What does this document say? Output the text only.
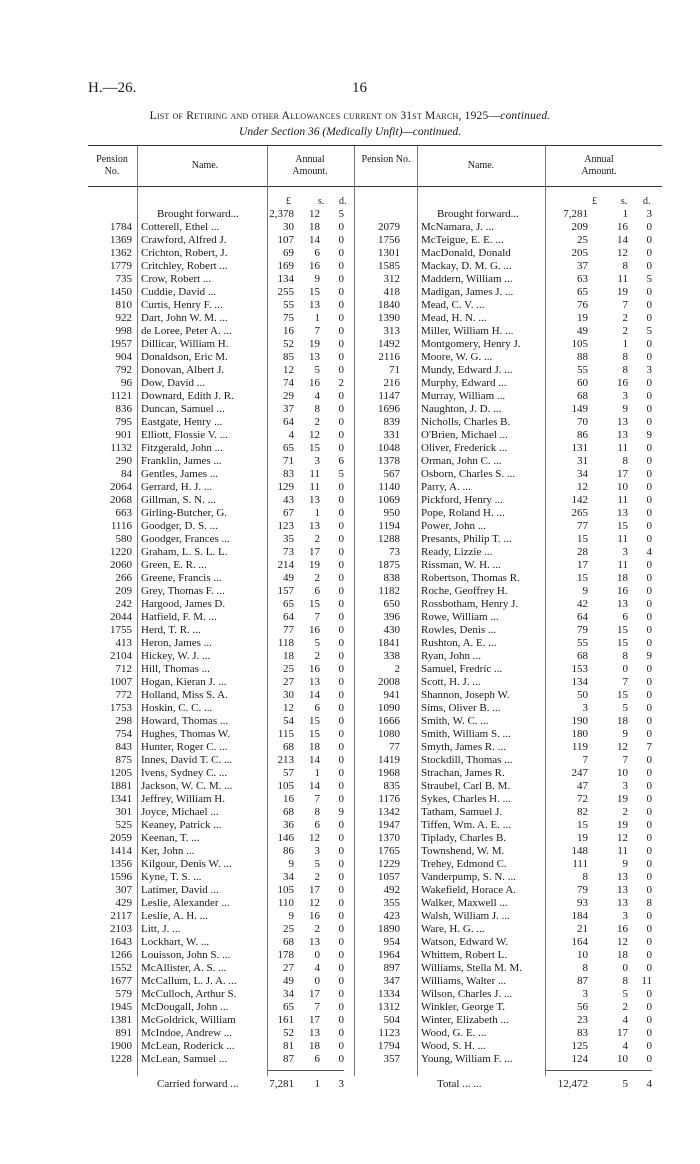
H.—26.	16
List of Retiring and other Allowances current on 31st March, 1925—continued.
Under Section 36 (Medically Unfit)—continued.
Pension No.
Name.
Annual Amount.
Pension No.
Name.
Annual Amount.
£	s. d.	£ s. d.
Brought forward...	2,378	12	5
1784 Cotterell, Ethel ...	30	18	0
1369 Crawford, Alfred J.	107	14	0
1362 Crichton, Robert, J.	69	6	0
1779 Critchley, Robert ...	169	16	0
735 Crow, Robert ...	134	9	0
1450 Cuddie, David ...	255	15	0
810 Curtis, Henry F. ...	55	13	0
922 Dart, John W. M. ...	75	1	0
998 de Loree, Peter A. ...	16	7	0
1957 Dillicar, William H.	52	19	0
904 Donaldson, Eric M.	85	13	0
792 Donovan, Albert J.	12	5	0
96 Dow, David ...	74	16	2
1121 Downard, Edith J. R.	29	4	0
836 Duncan, Samuel ...	37	8	0
795 Eastgate, Henry ...	64	2	0
901 Elliott, Flossie V. ...	4	12	0
1132 Fitzgerald, John ...	65	15	0
290 Franklin, James ...	71	3	6
84 Gentles, James ...	83	11	5
2064 Gerrard, H. J. ...	129	11	0
2068 Gillman, S. N. ...	43	13	0
663 Girling-Butcher, G.	67	1	0
1116 Goodger, D. S. ...	123	13	0
580 Goodger, Frances ...	35	2	0
1220 Graham, L. S. L. L.	73	17	0
2060 Green, E. R. ...	214	19	0
266 Greene, Francis ...	49	2	0
209 Grey, Thomas F. ...	157	6	0
242 Hargood, James D.	65	15	0
2044 Hatfield, F. M. ...	64	7	0
1755 Herd, T. R. ...	77	16	0
413 Heron, James ...	118	5	0
2104 Hickey, W. J. ...	18	2	0
712 Hill, Thomas ...	25	16	0
1007 Hogan, Kieran J. ...	27	13	0
772 Holland, Miss S. A.	30	14	0
1753 Hoskin, C. C. ...	12	6	0
298 Howard, Thomas ...	54	15	0
754 Hughes, Thomas W.	115	15	0
843 Hunter, Roger C. ...	68	18	0
875 Innes, David T. C. ...	213	14	0
1205 Ivens, Sydney C. ...	57	1	0
1881 Jackson, W. C. M. ...	105	14	0
1341 Jeffrey, William H.	16	7	0
301 Joyce, Michael ...	68	8	9
525 Keaney, Patrick ...	36	6	0
2059 Keenan, T. ...	146	12	0
1414 Ker, John ...	86	3	0
1356 Kilgour, Denis W. ...	9	5	0
1596 Kyne, T. S. ...	34	2	0
307 Latimer, David ...	105	17	0
429 Leslie, Alexander ...	110	12	0
2117 Leslie, A. H. ...	9	16	0
2103 Litt, J. ...	25	2	0
1643 Lockhart, W. ...	68	13	0
1266 Louisson, John S. ...	178	0	0
1552 McAllister, A. S. ...	27	4	0
1677 McCallum, L. J. A. ...	49	0	0
579 McCulloch, Arthur S.	34	17	0
1945 McDougall, John ...	65	7	0
1381 McGoldrick, William	161	17	0
891 McIndoe, Andrew ...	52	13	0
1900 McLean, Roderick ...	81	18	0
1228 McLean, Samuel ...	87	6	0
Carried forward ...	7,281	1	3
Brought forward...	7,281	1	3
2079 McNamara, J. ...	209	16	0
1756 McTeigue, E. E. ...	25	14	0
1301 MacDonald, Donald	205	12	0
1585 Mackay, D. M. G. ...	37	8	0
312 Maddern, William ...	63	11	5
418 Madigan, James J. ...	65	19	0
1840 Mead, C. V. ...	76	7	0
1390 Mead, H. N. ...	19	2	0
313 Miller, William H. ...	49	2	5
1492 Montgomery, Henry J.	105	1	0
2116 Moore, W. G. ...	88	8	0
71 Mundy, Edward J. ...	55	8	3
216 Murphy, Edward ...	60	16	0
1147 Murray, William ...	68	3	0
1696 Naughton, J. D. ...	149	9	0
839 Nicholls, Charles B.	70	13	0
331 O'Brien, Michael ...	86	13	9
1048 Oliver, Frederick ...	131	11	0
1378 Orman, John C. ...	31	8	0
567 Osborn, Charles S. ...	34	17	0
1140 Parry, A. ...	12	10	0
1069 Pickford, Henry ...	142	11	0
950 Pope, Roland H. ...	265	13	0
1194 Power, John ...	77	15	0
1288 Presants, Philip T. ...	15	11	0
73 Ready, Lizzie ...	28	3	4
1875 Rissman, W. H. ...	17	11	0
838 Robertson, Thomas R.	15	18	0
1182 Roche, Geoffrey H.	9	16	0
650 Rossbotham, Henry J.	42	13	0
396 Rowe, William ...	64	6	0
430 Rowles, Denis ...	79	15	0
1841 Rushton, A. E. ...	55	15	0
338 Ryan, John ...	68	8	9
2 Samuel, Fredric ...	153	0	0
2008 Scott, H. J. ...	134	7	0
941 Shannon, Joseph W.	50	15	0
1090 Sims, Oliver B. ...	3	5	0
1666 Smith, W. C. ...	190	18	0
1080 Smith, William S. ...	180	9	0
77 Smyth, James R. ...	119	12	7
1419 Stockdill, Thomas ...	7	7	0
1968 Strachan, James R.	247	10	0
835 Straubel, Carl B. M.	47	3	0
1176 Sykes, Charles H. ...	72	19	0
1342 Tatham, Samuel J.	82	2	0
1947 Tiffen, Wm. A. E. ...	15	19	0
1370 Tiplady, Charles B.	19	12	0
1765 Townshend, W. M.	148	11	0
1229 Trehey, Edmond C.	111	9	0
1057 Vanderpump, S. N. ...	8	13	0
492 Wakefield, Horace A.	79	13	0
355 Walker, Maxwell ...	93	13	8
423 Walsh, William J. ...	184	3	0
1890 Ware, H. G. ...	21	16	0
954 Watson, Edward W.	164	12	0
1964 Whittem, Robert L.	10	18	0
897 Williams, Stella M. M.	8	0	0
347 Williams, Walter ...	87	8	11
1334 Wilson, Charles J. ...	3	5	0
1312 Winkler, George T.	56	2	0
504 Winter, Elizabeth ...	23	4	0
1123 Wood, G. E. ...	83	17	0
1794 Wood, S. H. ...	125	4	0
357 Young, William F. ...	124	10	0
Total ... ...	12,472	5	4
